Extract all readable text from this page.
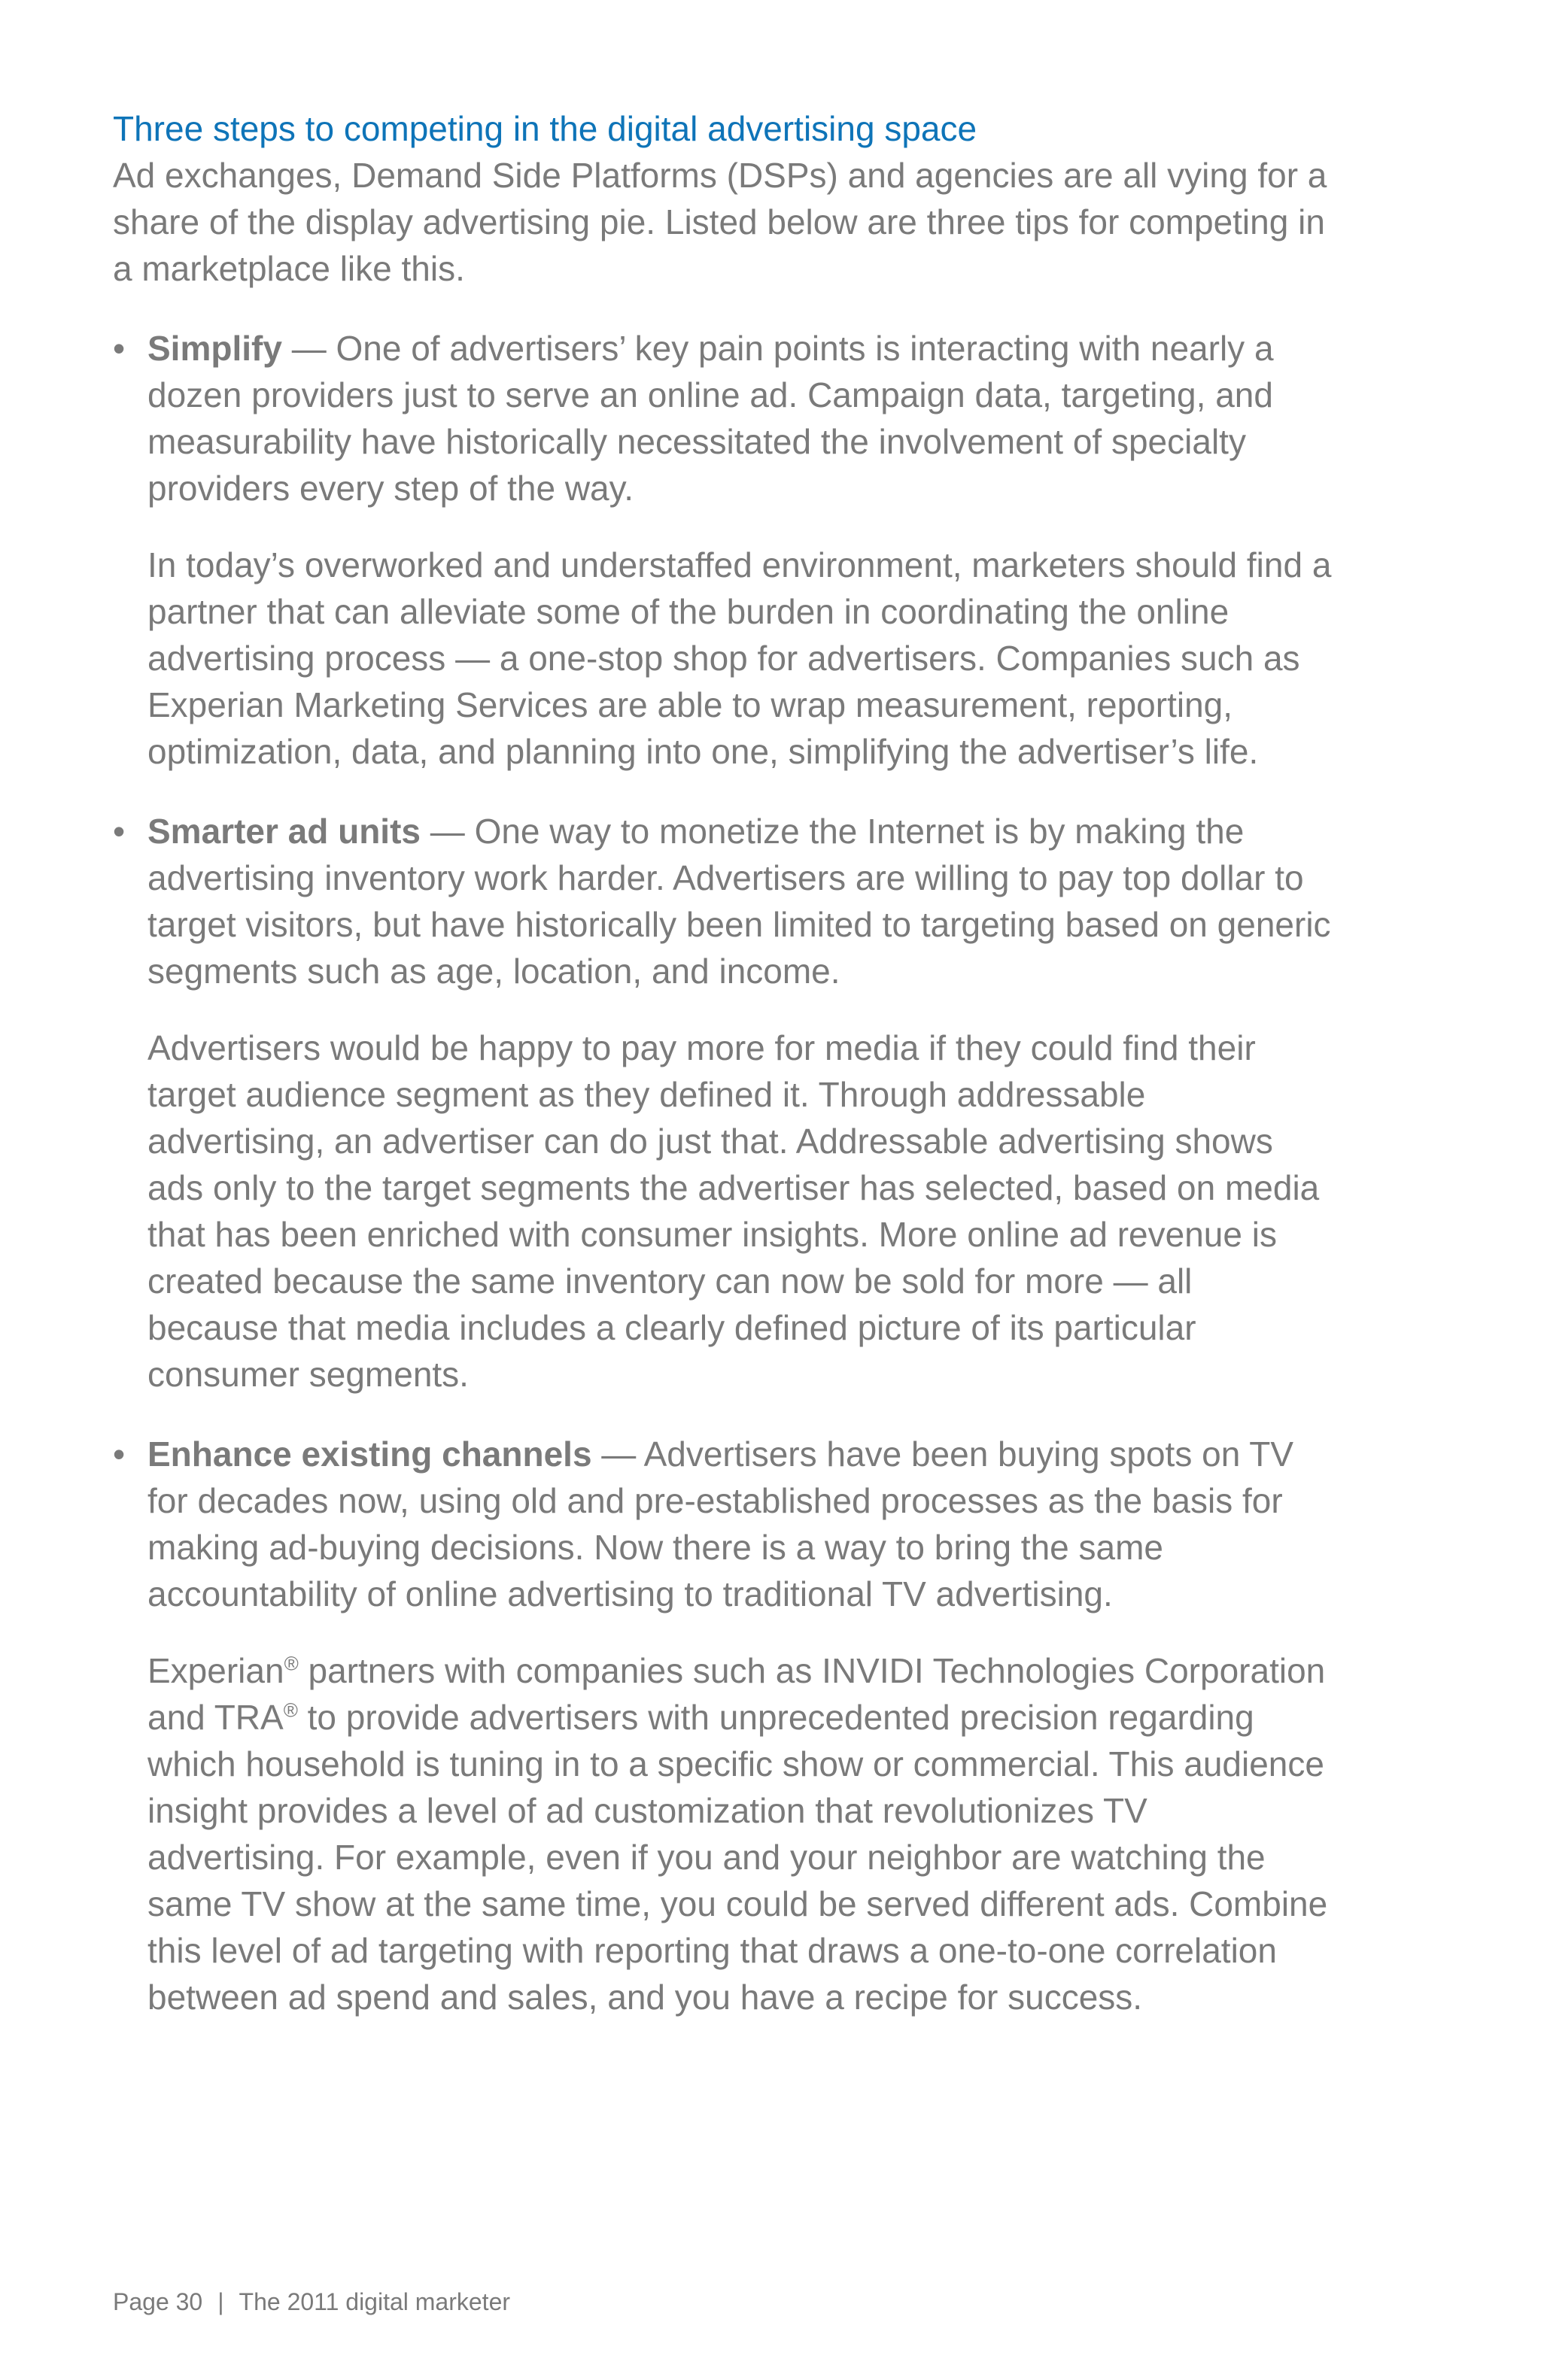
Three steps to competing in the digital advertising space

Ad exchanges, Demand Side Platforms (DSPs) and agencies are all vying for a share of the display advertising pie. Listed below are three tips for competing in a marketplace like this.

• Simplify — One of advertisers’ key pain points is interacting with nearly a dozen providers just to serve an online ad. Campaign data, targeting, and measurability have historically necessitated the involvement of specialty providers every step of the way.

In today’s overworked and understaffed environment, marketers should find a partner that can alleviate some of the burden in coordinating the online advertising process — a one-stop shop for advertisers. Companies such as Experian Marketing Services are able to wrap measurement, reporting, optimization, data, and planning into one, simplifying the advertiser’s life.

• Smarter ad units — One way to monetize the Internet is by making the advertising inventory work harder. Advertisers are willing to pay top dollar to target visitors, but have historically been limited to targeting based on generic segments such as age, location, and income.

Advertisers would be happy to pay more for media if they could find their target audience segment as they defined it. Through addressable advertising, an advertiser can do just that. Addressable advertising shows ads only to the target segments the advertiser has selected, based on media that has been enriched with consumer insights. More online ad revenue is created because the same inventory can now be sold for more — all because that media includes a clearly defined picture of its particular consumer segments.

• Enhance existing channels — Advertisers have been buying spots on TV for decades now, using old and pre-established processes as the basis for making ad-buying decisions. Now there is a way to bring the same accountability of online advertising to traditional TV advertising.

Experian® partners with companies such as INVIDI Technologies Corporation and TRA® to provide advertisers with unprecedented precision regarding which household is tuning in to a specific show or commercial. This audience insight provides a level of ad customization that revolutionizes TV advertising. For example, even if you and your neighbor are watching the same TV show at the same time, you could be served different ads. Combine this level of ad targeting with reporting that draws a one-to-one correlation between ad spend and sales, and you have a recipe for success.

Page 30 | The 2011 digital marketer
